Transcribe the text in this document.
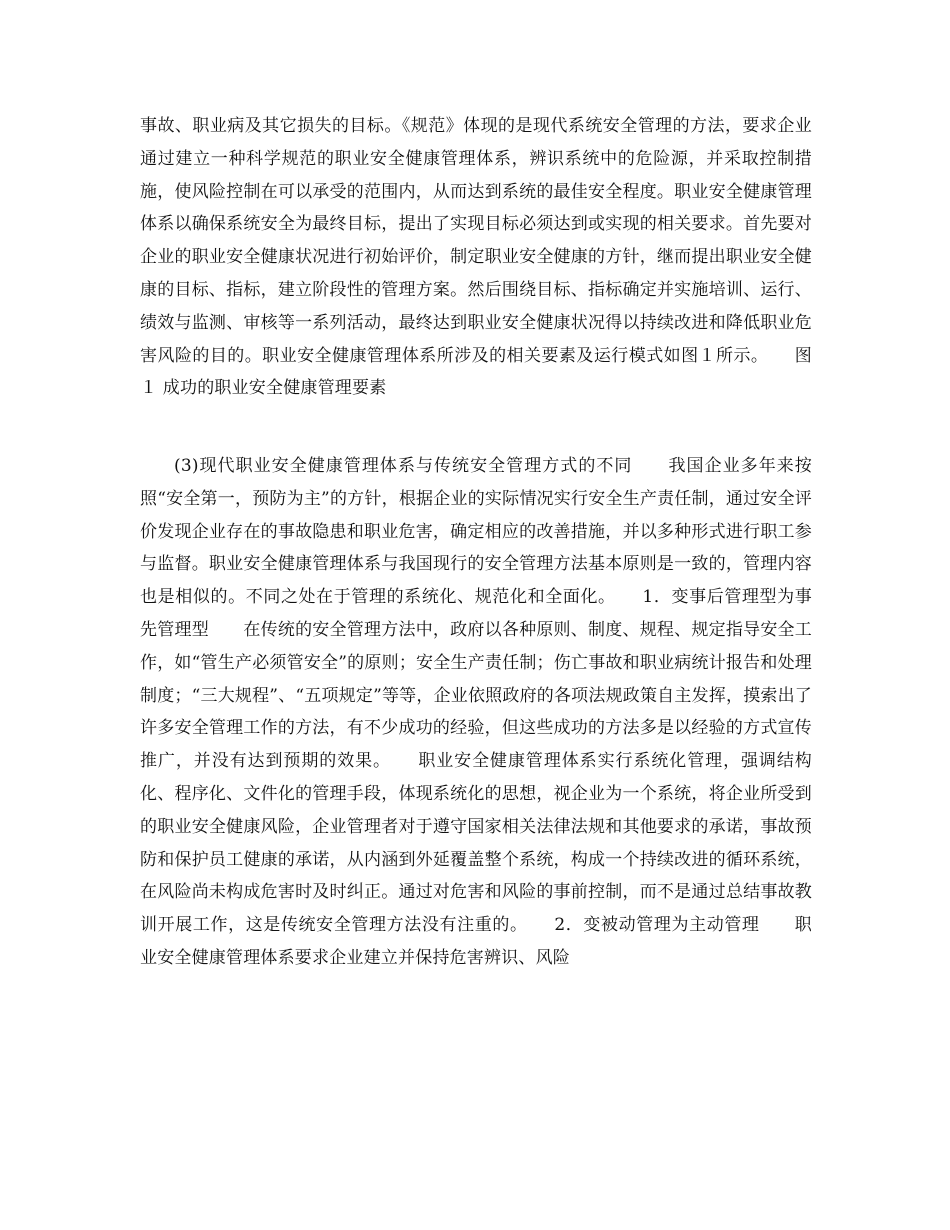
事故、职业病及其它损失的目标。《规范》体现的是现代系统安全管理的方法，要求企业通过建立一种科学规范的职业安全健康管理体系，辨识系统中的危险源，并采取控制措施，使风险控制在可以承受的范围内，从而达到系统的最佳安全程度。职业安全健康管理体系以确保系统安全为最终目标，提出了实现目标必须达到或实现的相关要求。首先要对企业的职业安全健康状况进行初始评价，制定职业安全健康的方针，继而提出职业安全健康的目标、指标，建立阶段性的管理方案。然后围绕目标、指标确定并实施培训、运行、绩效与监测、审核等一系列活动，最终达到职业安全健康状况得以持续改进和降低职业危害风险的目的。职业安全健康管理体系所涉及的相关要素及运行模式如图１所示。　　图１ 成功的职业安全健康管理要素
(3)现代职业安全健康管理体系与传统安全管理方式的不同　　我国企业多年来按照“安全第一，预防为主”的方针，根据企业的实际情况实行安全生产责任制，通过安全评价发现企业存在的事故隐患和职业危害，确定相应的改善措施，并以多种形式进行职工参与监督。职业安全健康管理体系与我国现行的安全管理方法基本原则是一致的，管理内容也是相似的。不同之处在于管理的系统化、规范化和全面化。　　1．变事后管理型为事先管理型　　在传统的安全管理方法中，政府以各种原则、制度、规程、规定指导安全工作，如“管生产必须管安全”的原则；安全生产责任制；伤亡事故和职业病统计报告和处理制度；“三大规程”、“五项规定”等等，企业依照政府的各项法规政策自主发挥，摸索出了许多安全管理工作的方法，有不少成功的经验，但这些成功的方法多是以经验的方式宣传推广，并没有达到预期的效果。　　职业安全健康管理体系实行系统化管理，强调结构化、程序化、文件化的管理手段，体现系统化的思想，视企业为一个系统，将企业所受到的职业安全健康风险，企业管理者对于遵守国家相关法律法规和其他要求的承诺，事故预防和保护员工健康的承诺，从内涵到外延覆盖整个系统，构成一个持续改进的循环系统，在风险尚未构成危害时及时纠正。通过对危害和风险的事前控制，而不是通过总结事故教训开展工作，这是传统安全管理方法没有注重的。　　2．变被动管理为主动管理　　职业安全健康管理体系要求企业建立并保持危害辨识、风险
